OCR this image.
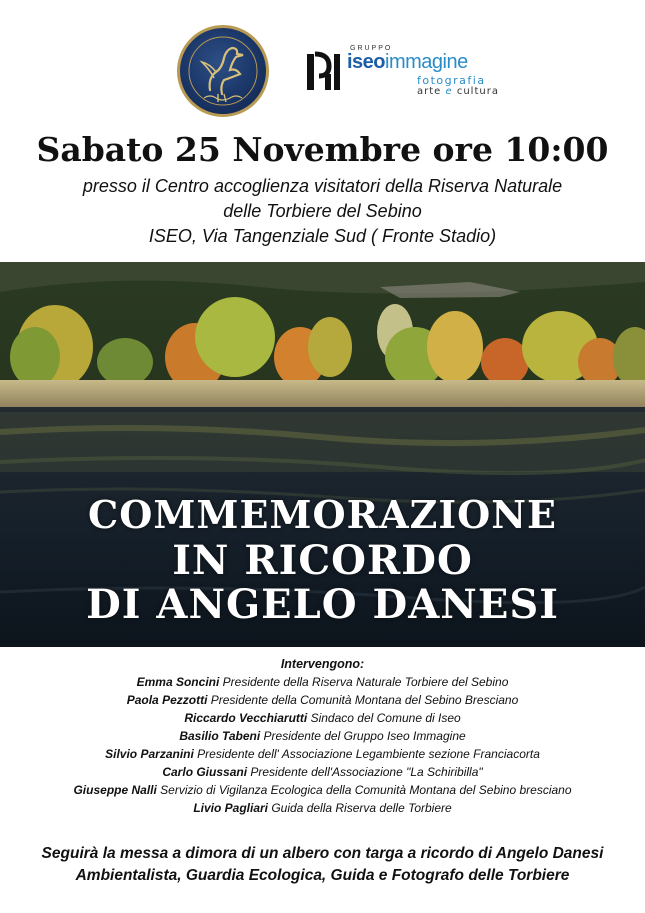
GRUPPO
iseoimmagine
fotografia
arte e cultura
Sabato 25 Novembre ore 10:00
presso il Centro accoglienza visitatori della Riserva Naturale
delle Torbiere del Sebino
ISEO, Via Tangenziale Sud ( Fronte Stadio)
COMMEMORAZIONE
IN RICORDO
DI ANGELO DANESI
Intervengono:
Emma Soncini Presidente della Riserva Naturale Torbiere del Sebino
Paola Pezzotti Presidente della Comunità Montana del Sebino Bresciano
Riccardo Vecchiarutti Sindaco del Comune di Iseo
Basilio Tabeni Presidente del Gruppo Iseo Immagine
Silvio Parzanini Presidente dell' Associazione Legambiente sezione Franciacorta
Carlo Giussani Presidente dell'Associazione "La Schiribilla"
Giuseppe Nalli Servizio di Vigilanza Ecologica della Comunità Montana del Sebino bresciano
Livio Pagliari Guida della Riserva delle Torbiere
Seguirà la messa a dimora di un albero con targa a ricordo di Angelo Danesi
Ambientalista, Guardia Ecologica, Guida e Fotografo delle Torbiere
